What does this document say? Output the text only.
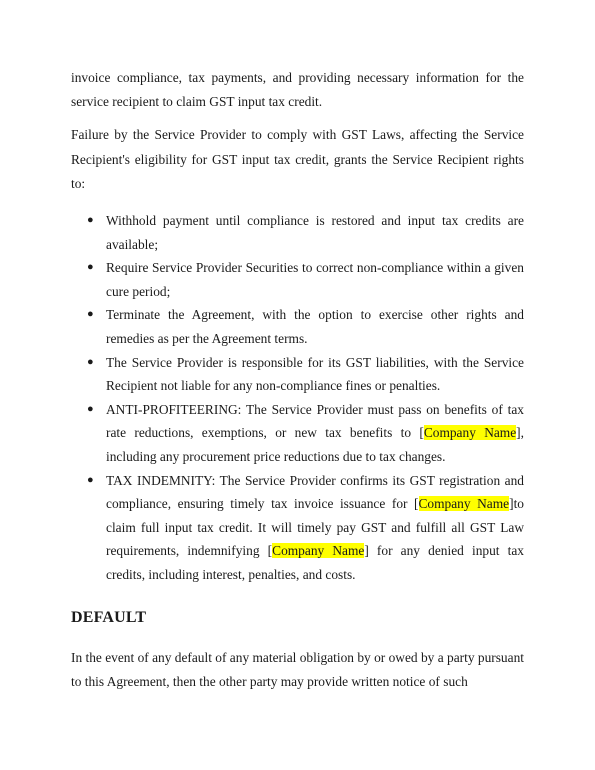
invoice compliance, tax payments, and providing necessary information for the service recipient to claim GST input tax credit.

Failure by the Service Provider to comply with GST Laws, affecting the Service Recipient's eligibility for GST input tax credit, grants the Service Recipient rights to:

● Withhold payment until compliance is restored and input tax credits are available;
● Require Service Provider Securities to correct non-compliance within a given cure period;
● Terminate the Agreement, with the option to exercise other rights and remedies as per the Agreement terms.
● The Service Provider is responsible for its GST liabilities, with the Service Recipient not liable for any non-compliance fines or penalties.
● ANTI-PROFITEERING: The Service Provider must pass on benefits of tax rate reductions, exemptions, or new tax benefits to [Company Name], including any procurement price reductions due to tax changes.
● TAX INDEMNITY: The Service Provider confirms its GST registration and compliance, ensuring timely tax invoice issuance for [Company Name]to claim full input tax credit. It will timely pay GST and fulfill all GST Law requirements, indemnifying [Company Name] for any denied input tax credits, including interest, penalties, and costs.
DEFAULT

In the event of any default of any material obligation by or owed by a party pursuant to this Agreement, then the other party may provide written notice of such
